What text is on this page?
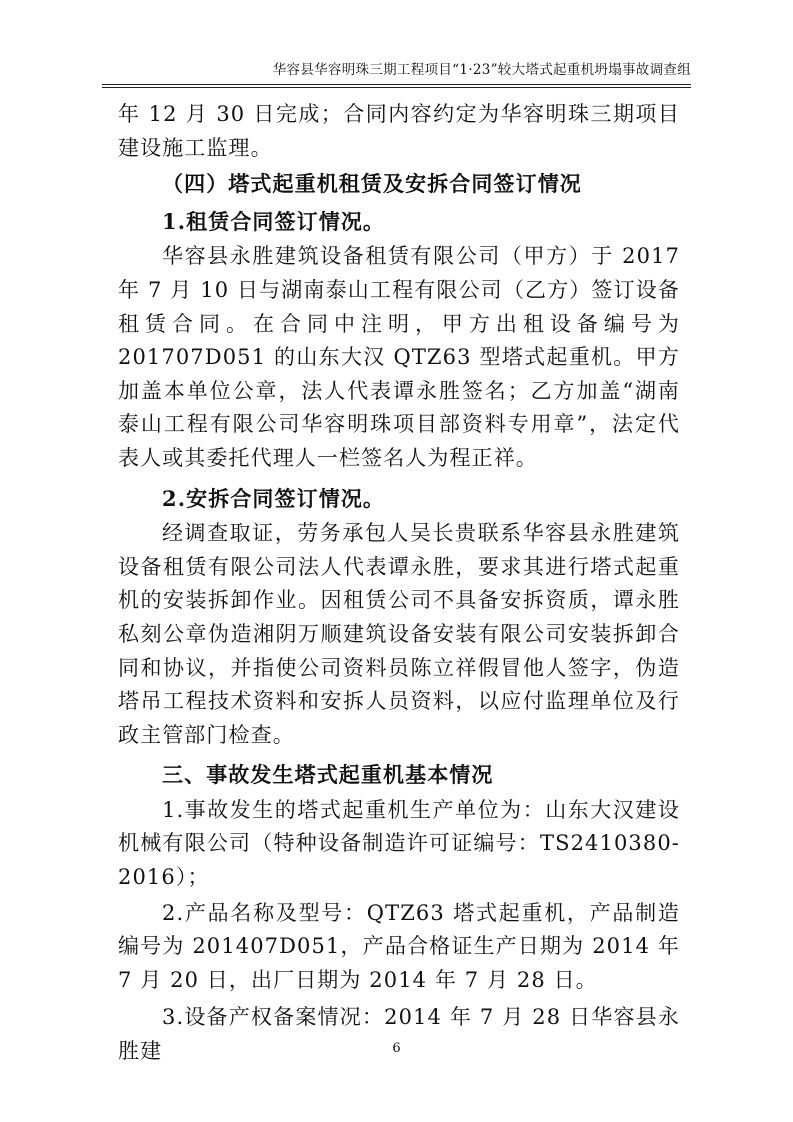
华容县华容明珠三期工程项目“1·23”较大塔式起重机坍塌事故调查组

年 12 月 30 日完成；合同内容约定为华容明珠三期项目建设施工监理。

（四）塔式起重机租赁及安拆合同签订情况

1.租赁合同签订情况。

华容县永胜建筑设备租赁有限公司（甲方）于 2017 年 7 月 10 日与湖南泰山工程有限公司（乙方）签订设备租赁合同。在合同中注明，甲方出租设备编号为 201707D051 的山东大汉 QTZ63 型塔式起重机。甲方加盖本单位公章，法人代表谭永胜签名；乙方加盖“湖南泰山工程有限公司华容明珠项目部资料专用章”，法定代表人或其委托代理人一栏签名人为程正祥。

2.安拆合同签订情况。

经调查取证，劳务承包人吴长贵联系华容县永胜建筑设备租赁有限公司法人代表谭永胜，要求其进行塔式起重机的安装拆卸作业。因租赁公司不具备安拆资质，谭永胜私刻公章伪造湘阴万顺建筑设备安装有限公司安装拆卸合同和协议，并指使公司资料员陈立祥假冒他人签字，伪造塔吊工程技术资料和安拆人员资料，以应付监理单位及行政主管部门检查。

三、事故发生塔式起重机基本情况

1.事故发生的塔式起重机生产单位为：山东大汉建设机械有限公司（特种设备制造许可证编号：TS2410380-2016）；

2.产品名称及型号：QTZ63 塔式起重机，产品制造编号为 201407D051，产品合格证生产日期为 2014 年 7 月 20 日，出厂日期为 2014 年 7 月 28 日。

3.设备产权备案情况：2014 年 7 月 28 日华容县永胜建	6
